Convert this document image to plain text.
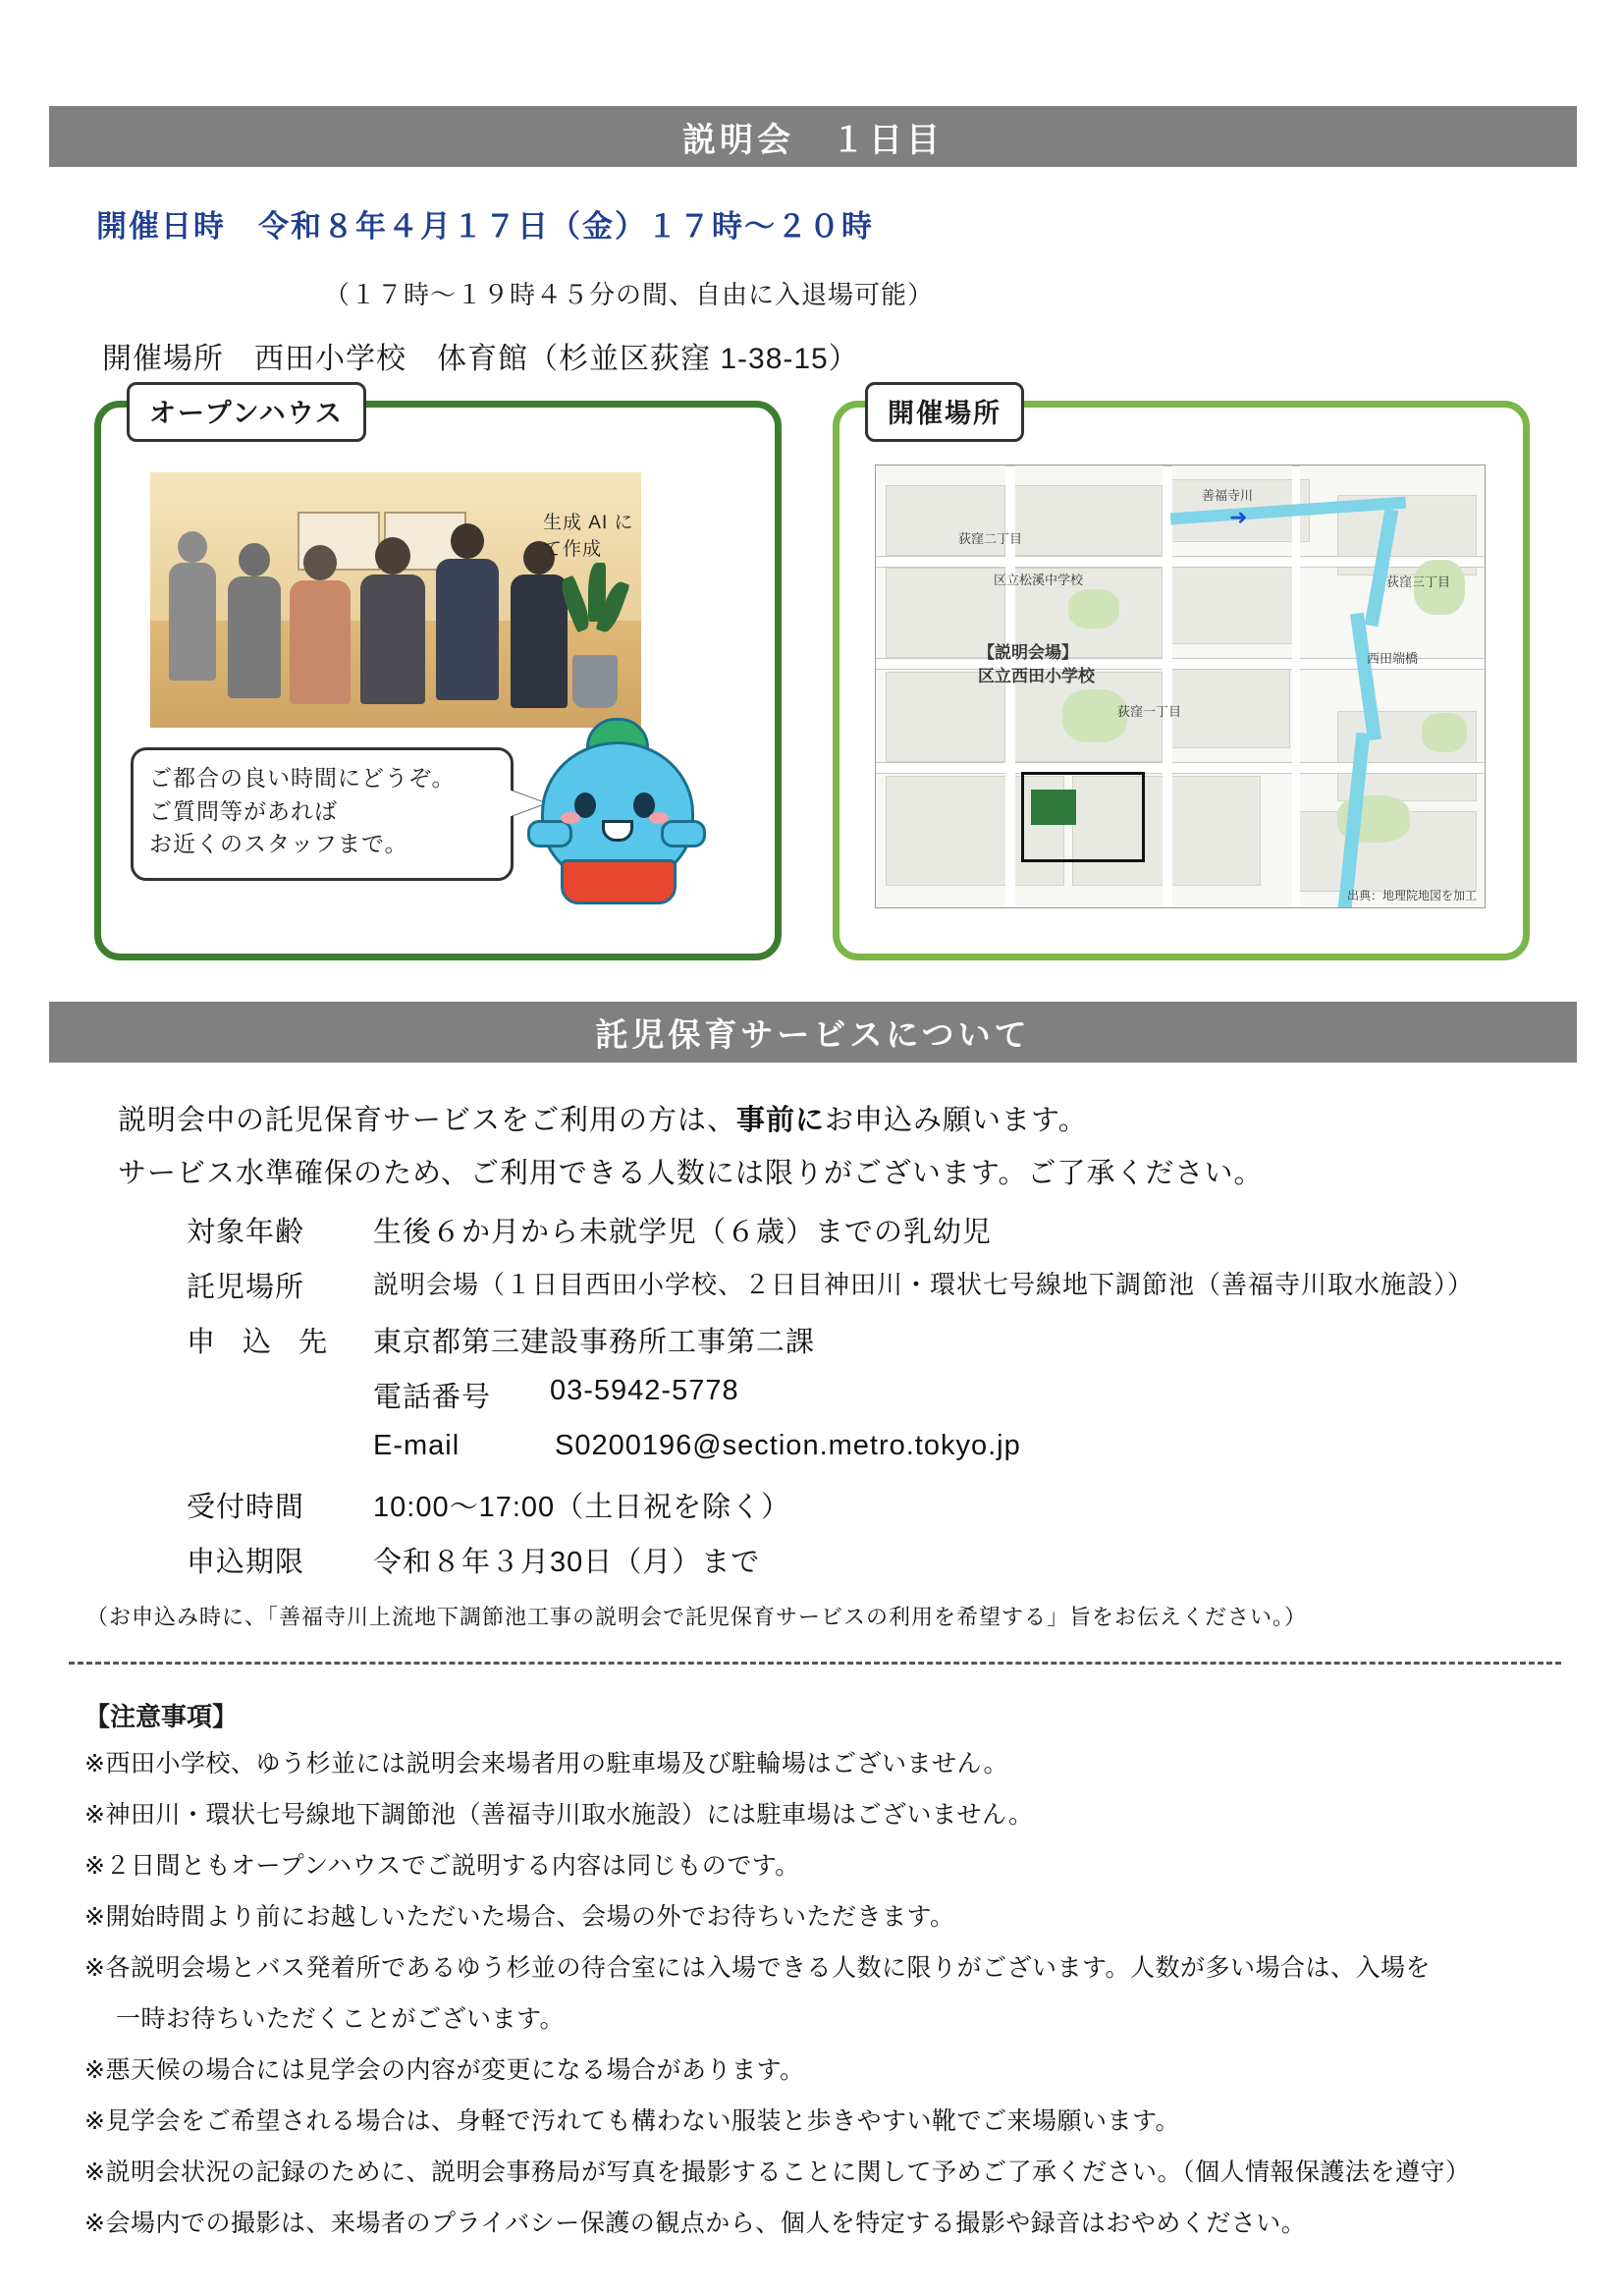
説明会　１日目
開催日時　令和８年４月１７日（金）１７時～２０時
（１７時～１９時４５分の間、自由に入退場可能）
開催場所　西田小学校　体育館（杉並区荻窪 1-38-15）
オープンハウス
生成 AI にて作成
ご都合の良い時間にどうぞ。
ご質問等があれば
お近くのスタッフまで。
開催場所
善福寺川
➜
荻窪二丁目
荻窪三丁目
区立松溪中学校
【説明会場】
区立西田小学校
荻窪一丁目
西田端橋
出典：地理院地図を加工
託児保育サービスについて
説明会中の託児保育サービスをご利用の方は、事前にお申込み願います。
サービス水準確保のため、ご利用できる人数には限りがございます。ご了承ください。
対象年齢 生後６か月から未就学児（６歳）までの乳幼児
託児場所	説明会場（１日目西田小学校、２日目神田川・環状七号線地下調節池（善福寺川取水施設））
申 込 先 東京都第三建設事務所工事第二課
電話番号 03-5942-5778
E-mail	S0200196@section.metro.tokyo.jp
受付時間 10:00～17:00（土日祝を除く）
申込期限 令和８年３月30日（月）まで
（お申込み時に、「善福寺川上流地下調節池工事の説明会で託児保育サービスの利用を希望する」旨をお伝えください。）
【注意事項】
※西田小学校、ゆう杉並には説明会来場者用の駐車場及び駐輪場はございません。
※神田川・環状七号線地下調節池（善福寺川取水施設）には駐車場はございません。
※２日間ともオープンハウスでご説明する内容は同じものです。
※開始時間より前にお越しいただいた場合、会場の外でお待ちいただきます。
※各説明会場とバス発着所であるゆう杉並の待合室には入場できる人数に限りがございます。人数が多い場合は、入場を
一時お待ちいただくことがございます。
※悪天候の場合には見学会の内容が変更になる場合があります。
※見学会をご希望される場合は、身軽で汚れても構わない服装と歩きやすい靴でご来場願います。
※説明会状況の記録のために、説明会事務局が写真を撮影することに関して予めご了承ください。（個人情報保護法を遵守）
※会場内での撮影は、来場者のプライバシー保護の観点から、個人を特定する撮影や録音はおやめください。
